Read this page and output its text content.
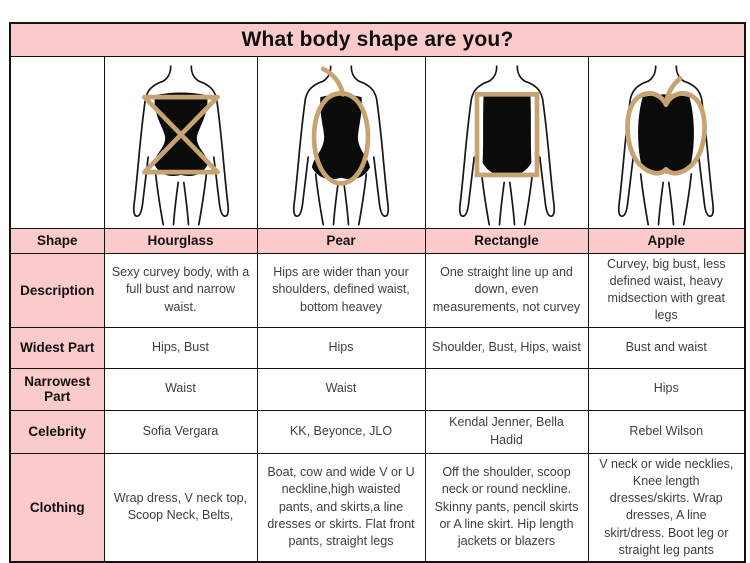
What body shape are you?				

Shape	Hourglass	Pear	Rectangle	Apple
Description	Sexy curvey body, with a full bust and narrow waist.	Hips are wider than your shoulders, defined waist, bottom heavey	One straight line up and down, even measurements, not curvey	Curvey, big bust, less defined waist, heavy midsection with great legs
Widest Part	Hips, Bust	Hips	Shoulder, Bust, Hips, waist	Bust and waist
Narrowest Part	Waist	Waist		Hips
Celebrity	Sofia Vergara	KK, Beyonce, JLO	Kendal Jenner, Bella Hadid	Rebel Wilson
Clothing	Wrap dress, V neck top, Scoop Neck, Belts,	Boat, cow and wide V or U neckline,high waisted pants, and skirts,a line dresses or skirts. Flat front pants, straight legs	Off the shoulder, scoop neck or round neckline. Skinny pants, pencil skirts or A line skirt. Hip length jackets or blazers	V neck or wide necklies, Knee length dresses/skirts. Wrap dresses, A line skirt/dress. Boot leg or straight leg pants
